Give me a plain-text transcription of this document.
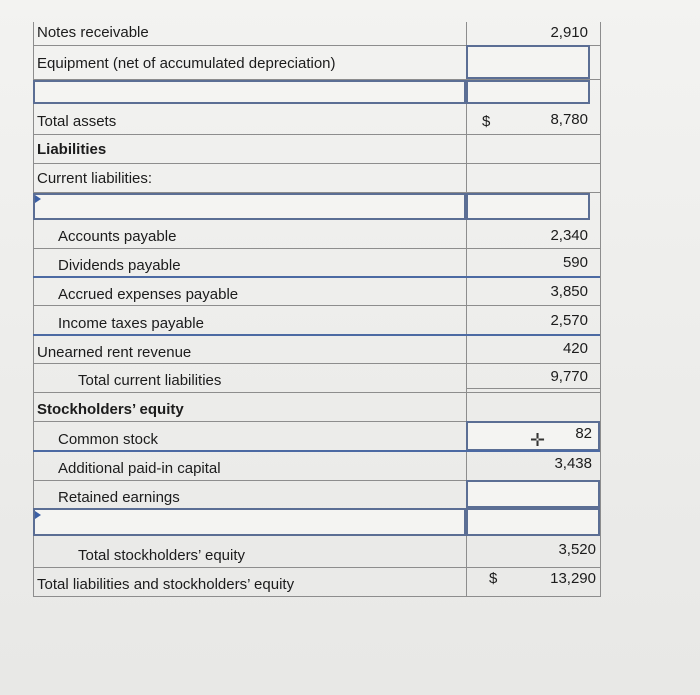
Notes receivable	2,910
Equipment (net of accumulated depreciation)
Total assets	$	8,780
Liabilities
Current liabilities:
Accounts payable	2,340
Dividends payable	590
Accrued expenses payable	3,850
Income taxes payable	2,570
Unearned rent revenue	420
Total current liabilities	9,770
Stockholders’ equity
Common stock	✛	82
Additional paid-in capital	3,438
Retained earnings
Total stockholders’ equity	3,520
Total liabilities and stockholders’ equity	$	13,290
